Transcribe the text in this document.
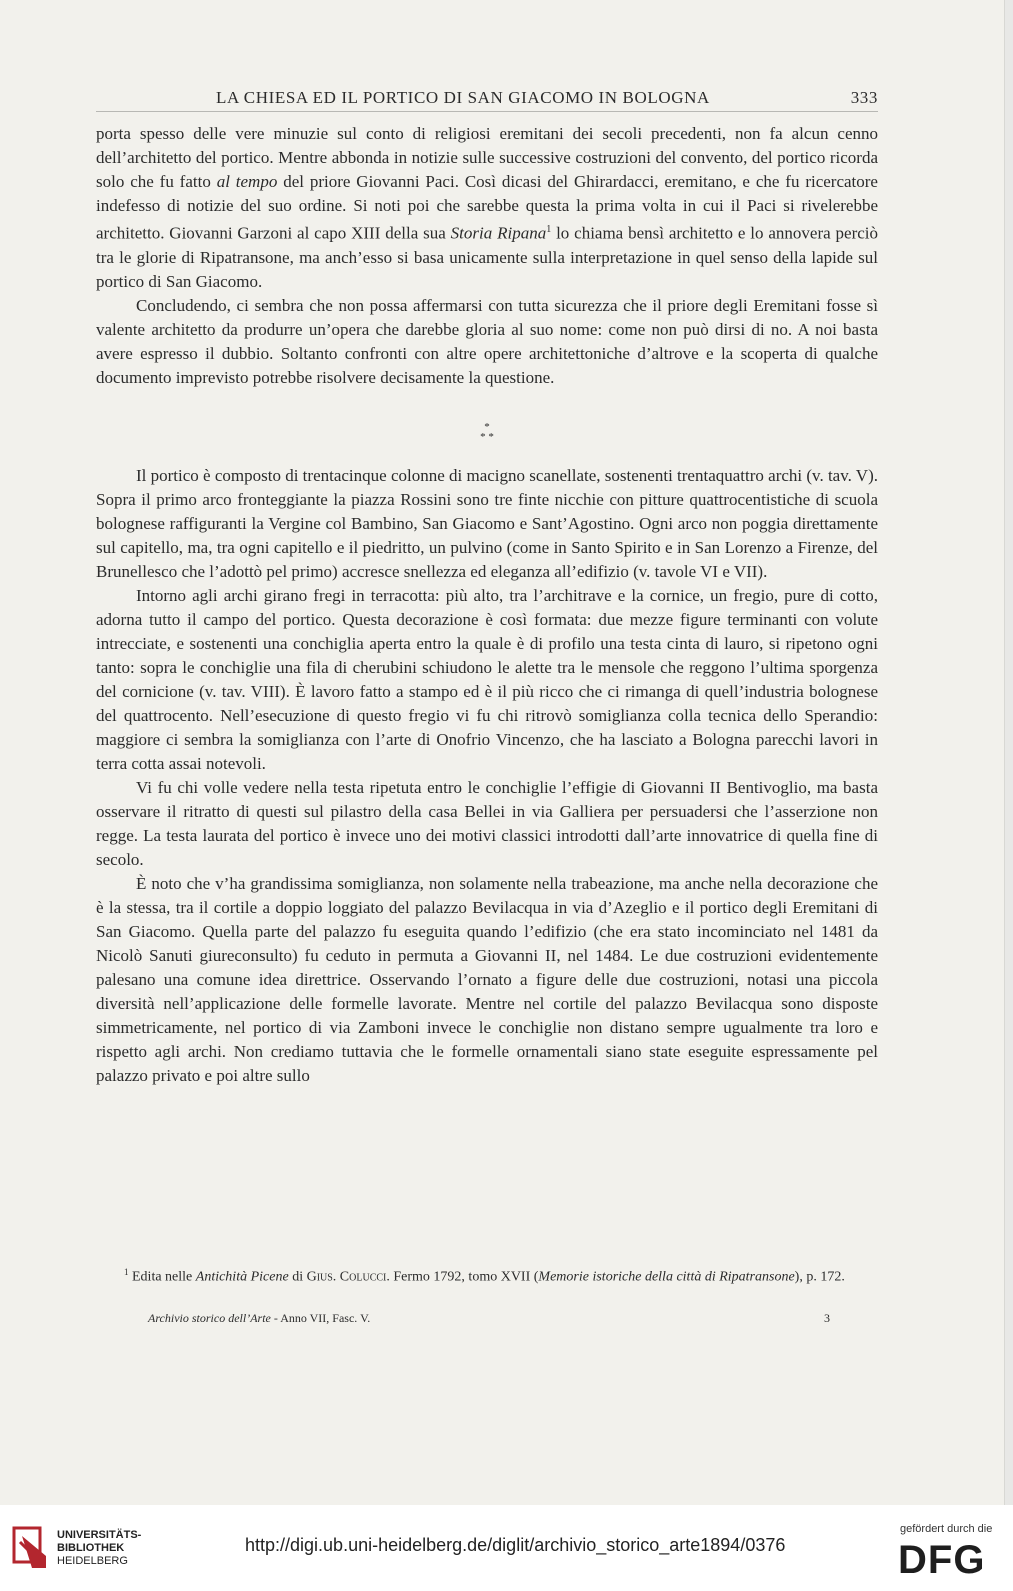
LA CHIESA ED IL PORTICO DI SAN GIACOMO IN BOLOGNA	333

porta spesso delle vere minuzie sul conto di religiosi eremitani dei secoli precedenti, non fa alcun cenno dell’architetto del portico. Mentre abbonda in notizie sulle successive costruzioni del convento, del portico ricorda solo che fu fatto al tempo del priore Giovanni Paci. Così dicasi del Ghirardacci, eremitano, e che fu ricercatore indefesso di notizie del suo ordine. Si noti poi che sarebbe questa la prima volta in cui il Paci si rivelerebbe architetto. Giovanni Garzoni al capo XIII della sua Storia Ripana$^1$ lo chiama bensì architetto e lo annovera perciò tra le glorie di Ripatransone, ma anch’esso si basa unicamente sulla interpretazione in quel senso della lapide sul portico di San Giacomo.

Concludendo, ci sembra che non possa affermarsi con tutta sicurezza che il priore degli Eremitani fosse sì valente architetto da produrre un’opera che darebbe gloria al suo nome: come non può dirsi di no. A noi basta avere espresso il dubbio. Soltanto confronti con altre opere architettoniche d’altrove e la scoperta di qualche documento imprevisto potrebbe risolvere decisamente la questione.

*
* *

Il portico è composto di trentacinque colonne di macigno scanellate, sostenenti trentaquattro archi (v. tav. V). Sopra il primo arco fronteggiante la piazza Rossini sono tre finte nicchie con pitture quattrocentistiche di scuola bolognese raffiguranti la Vergine col Bambino, San Giacomo e Sant’Agostino. Ogni arco non poggia direttamente sul capitello, ma, tra ogni capitello e il piedritto, un pulvino (come in Santo Spirito e in San Lorenzo a Firenze, del Brunellesco che l’adottò pel primo) accresce snellezza ed eleganza all’edifizio (v. tavole VI e VII).

Intorno agli archi girano fregi in terracotta: più alto, tra l’architrave e la cornice, un fregio, pure di cotto, adorna tutto il campo del portico. Questa decorazione è così formata: due mezze figure terminanti con volute intrecciate, e sostenenti una conchiglia aperta entro la quale è di profilo una testa cinta di lauro, si ripetono ogni tanto: sopra le conchiglie una fila di cherubini schiudono le alette tra le mensole che reggono l’ultima sporgenza del cornicione (v. tav. VIII). È lavoro fatto a stampo ed è il più ricco che ci rimanga di quell’industria bolognese del quattrocento. Nell’esecuzione di questo fregio vi fu chi ritrovò somiglianza colla tecnica dello Sperandio: maggiore ci sembra la somiglianza con l’arte di Onofrio Vincenzo, che ha lasciato a Bologna parecchi lavori in terra cotta assai notevoli.

Vi fu chi volle vedere nella testa ripetuta entro le conchiglie l’effigie di Giovanni II Bentivoglio, ma basta osservare il ritratto di questi sul pilastro della casa Bellei in via Galliera per persuadersi che l’asserzione non regge. La testa laurata del portico è invece uno dei motivi classici introdotti dall’arte innovatrice di quella fine di secolo.

È noto che v’ha grandissima somiglianza, non solamente nella trabeazione, ma anche nella decorazione che è la stessa, tra il cortile a doppio loggiato del palazzo Bevilacqua in via d’Azeglio e il portico degli Eremitani di San Giacomo. Quella parte del palazzo fu eseguita quando l’edifizio (che era stato incominciato nel 1481 da Nicolò Sanuti giureconsulto) fu ceduto in permuta a Giovanni II, nel 1484. Le due costruzioni evidentemente palesano una comune idea direttrice. Osservando l’ornato a figure delle due costruzioni, notasi una piccola diversità nell’applicazione delle formelle lavorate. Mentre nel cortile del palazzo Bevilacqua sono disposte simmetricamente, nel portico di via Zamboni invece le conchiglie non distano sempre ugualmente tra loro e rispetto agli archi. Non crediamo tuttavia che le formelle ornamentali siano state eseguite espressamente pel palazzo privato e poi altre sullo

$^1$ Edita nelle Antichità Picene di Gius. Colucci. Fermo 1792, tomo XVII (Memorie istoriche della città di Ripatransone), p. 172.

Archivio storico dell’Arte - Anno VII, Fasc. V.	3
UNIVERSITÄTS-
BIBLIOTHEK
HEIDELBERG
http://digi.ub.uni-heidelberg.de/diglit/archivio_storico_arte1894/0376
gefördert durch die
DFG
